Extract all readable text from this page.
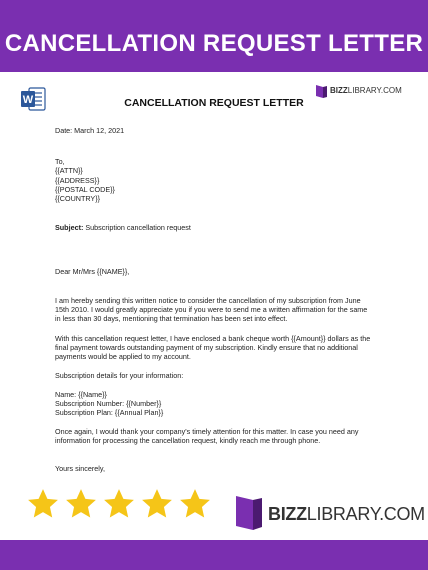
CANCELLATION REQUEST LETTER
W
BIZZLIBRARY.COM
CANCELLATION REQUEST LETTER
Date: March 12, 2021
To,
{{ATTN}}
{{ADDRESS}}
{{POSTAL CODE}}
{{COUNTRY}}
Subject: Subscription cancellation request
Dear Mr/Mrs {{NAME}},
I am hereby sending this written notice to consider the cancellation of my subscription from June
15th 2010. I would greatly appreciate you if you were to send me a written affirmation for the same
in less than 30 days, mentioning that termination has been set into effect.
With this cancellation request letter, I have enclosed a bank cheque worth {{Amount}} dollars as the
final payment towards outstanding payment of my subscription. Kindly ensure that no additional
payments would be applied to my account.
Subscription details for your information:
Name: {{Name}}
Subscription Number: {{Number}}
Subscription Plan: {{Annual Plan}}
Once again, I would thank your company's timely attention for this matter. In case you need any
information for processing the cancellation request, kindly reach me through phone.
Yours sincerely,
BIZZLIBRARY.COM
